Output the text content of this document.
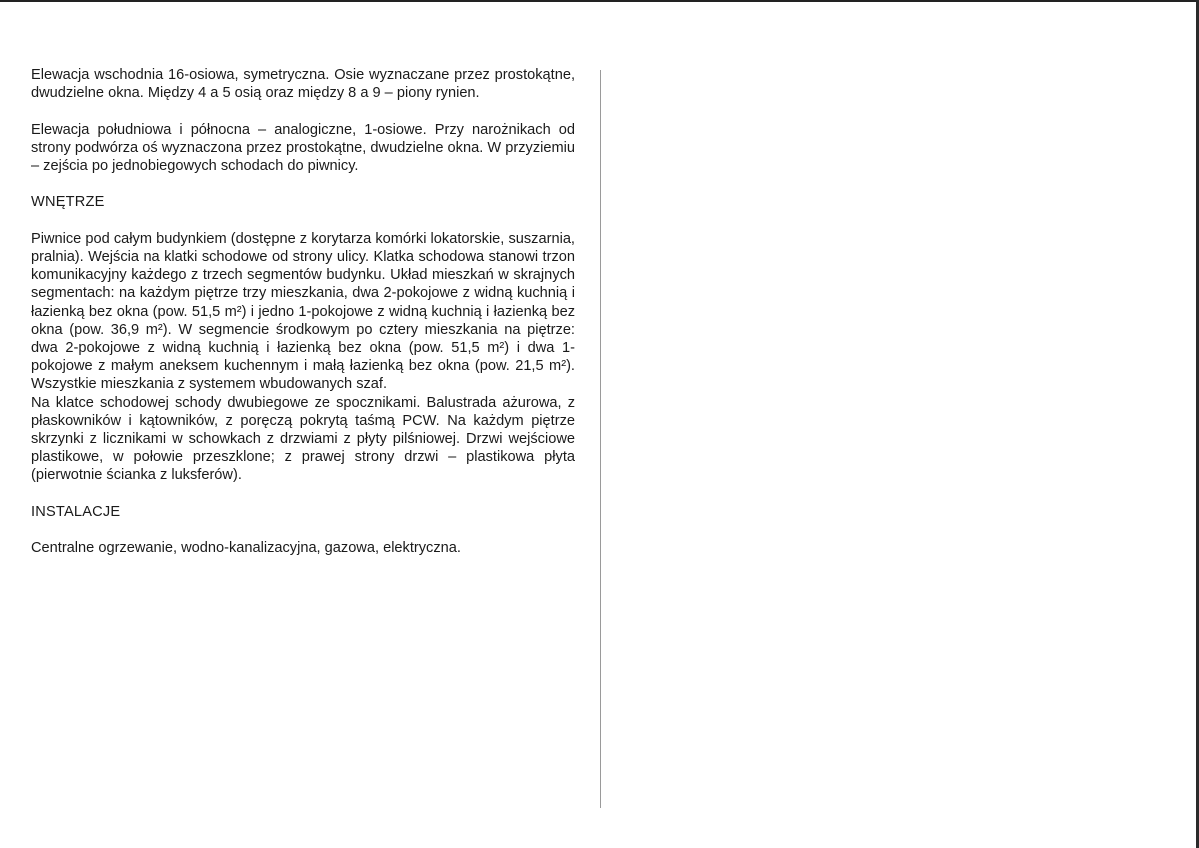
Elewacja wschodnia 16-osiowa, symetryczna. Osie wyznaczane przez prostokątne, dwudzielne okna. Między 4 a 5 osią oraz między 8 a 9 – piony rynien.

Elewacja południowa i północna – analogiczne, 1-osiowe. Przy narożnikach od strony podwórza oś wyznaczona przez prostokątne, dwudzielne okna. W przyziemiu – zejścia po jednobiegowych schodach do piwnicy.

WNĘTRZE

Piwnice pod całym budynkiem (dostępne z korytarza komórki lokatorskie, suszarnia, pralnia). Wejścia na klatki schodowe od strony ulicy. Klatka schodowa stanowi trzon komunikacyjny każdego z trzech segmentów budynku. Układ mieszkań w skrajnych segmentach: na każdym piętrze trzy mieszkania, dwa 2-pokojowe z widną kuchnią i łazienką bez okna (pow. 51,5 m²) i jedno 1-pokojowe z widną kuchnią i łazienką bez okna (pow. 36,9 m²). W segmencie środkowym po cztery mieszkania na piętrze: dwa 2-pokojowe z widną kuchnią i łazienką bez okna (pow. 51,5 m²) i dwa 1-pokojowe z małym aneksem kuchennym i małą łazienką bez okna (pow. 21,5 m²). Wszystkie mieszkania z systemem wbudowanych szaf.

Na klatce schodowej schody dwubiegowe ze spocznikami. Balustrada ażurowa, z płaskowników i kątowników, z poręczą pokrytą taśmą PCW. Na każdym piętrze skrzynki z licznikami w schowkach z drzwiami z płyty pilśniowej. Drzwi wejściowe plastikowe, w połowie przeszklone; z prawej strony drzwi – plastikowa płyta (pierwotnie ścianka z luksferów).

INSTALACJE

Centralne ogrzewanie, wodno-kanalizacyjna, gazowa, elektryczna.
